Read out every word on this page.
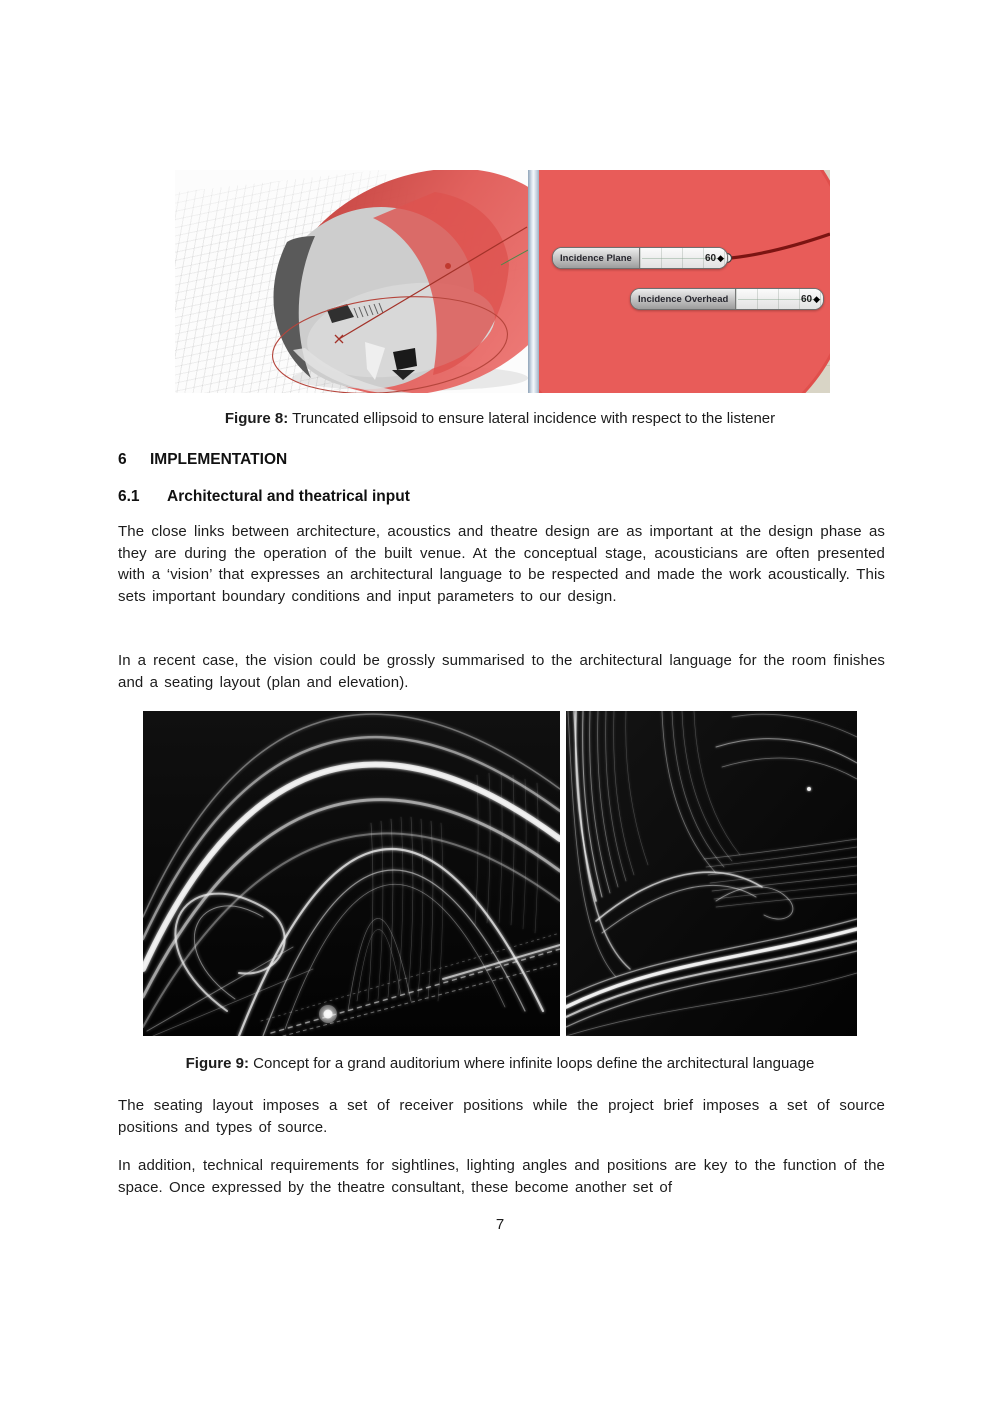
Incidence Plane	60 ◆
Incidence Overhead	60 ◆

Figure 8: Truncated ellipsoid to ensure lateral incidence with respect to the listener

6	IMPLEMENTATION
6.1	Architectural and theatrical input

The close links between architecture, acoustics and theatre design are as important at the design phase as they are during the operation of the built venue. At the conceptual stage, acousticians are often presented with a ‘vision’ that expresses an architectural language to be respected and made the work acoustically. This sets important boundary conditions and input parameters to our design.

In a recent case, the vision could be grossly summarised to the architectural language for the room finishes and a seating layout (plan and elevation).

Figure 9: Concept for a grand auditorium where infinite loops define the architectural language

The seating layout imposes a set of receiver positions while the project brief imposes a set of source positions and types of source.

In addition, technical requirements for sightlines, lighting angles and positions are key to the function of the space. Once expressed by the theatre consultant, these become another set of

7
